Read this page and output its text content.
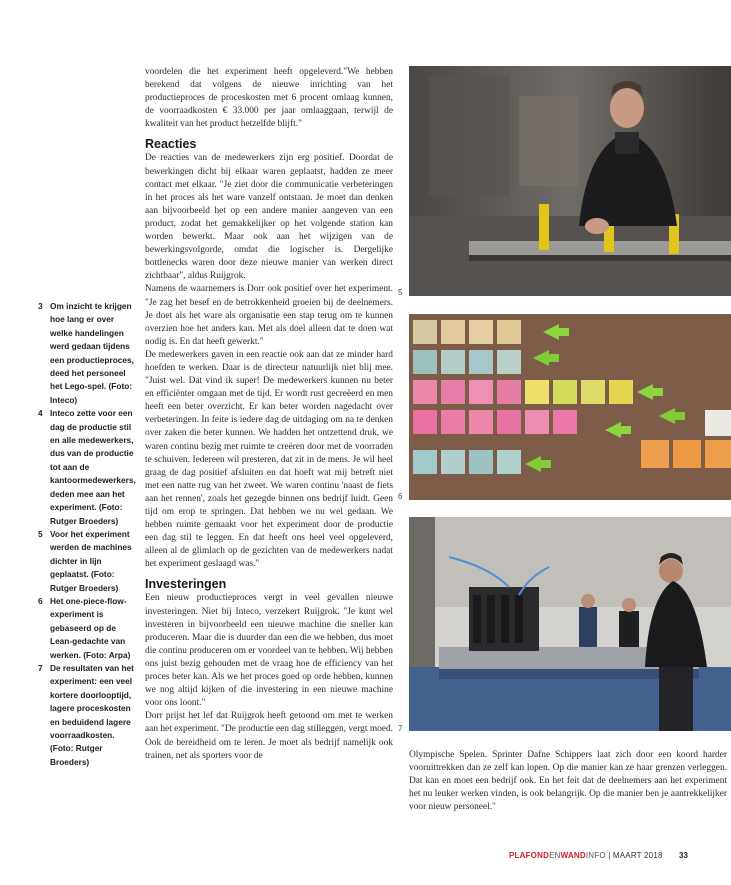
3 Om inzicht te krijgen hoe lang er over welke handelingen werd gedaan tijdens een productieproces, deed het personeel het Lego-spel. (Foto: Inteco)

4 Inteco zette voor een dag de productie stil en alle medewerkers, dus van de productie tot aan de kantoormedewerkers, deden mee aan het experiment. (Foto: Rutger Broeders)

5 Voor het experiment werden de machines dichter in lijn geplaatst. (Foto: Rutger Broeders)

6 Het one-piece-flow-experiment is gebaseerd op de Lean-gedachte van werken. (Foto: Arpa)

7 De resultaten van het experiment: een veel kortere doorlooptijd, lagere proceskosten en beduidend lagere voorraadkosten. (Foto: Rutger Broeders)

voordelen die het experiment heeft opgeleverd."We hebben berekend dat volgens de nieuwe inrichting van het productieproces de proceskosten met 6 procent omlaag kunnen, de voorraadkosten € 33.000 per jaar omlaaggaan, terwijl de kwaliteit van het product hetzelfde blijft."

Reacties

De reacties van de medewerkers zijn erg positief. Doordat de bewerkingen dicht bij elkaar waren geplaatst, hadden ze meer contact met elkaar. "Je ziet door die communicatie verbeteringen in het proces als het ware vanzelf ontstaan. Je moet dan denken aan bijvoorbeeld het op een andere manier aangeven van een product, zodat het gemakkelijker op het volgende station kan worden bewerkt. Maar ook aan het wijzigen van de bewerkingsvolgorde, omdat die logischer is. Dergelijke bottlenecks waren door deze nieuwe manier van werken direct zichtbaar", aldus Ruijgrok.

Namens de waarnemers is Dorr ook positief over het experiment. "Je zag het besef en de betrokkenheid groeien bij de deelnemers. Je doet als het ware als organisatie een stap terug om te kunnen overzien hoe het anders kan. Met als doel alleen dat te doen wat nodig is. En dat heeft gewerkt."

De medewerkers gaven in een reactie ook aan dat ze minder hard hoefden te werken. Daar is de directeur natuurlijk niet blij mee. "Juist wel. Dat vind ik super! De medewerkers kunnen nu beter en efficiënter omgaan met de tijd. Er wordt rust gecreëerd en men heeft een beter overzicht. Er kan beter worden nagedacht over verbeteringen. In feite is iedere dag de uitdaging om na te denken over zaken die beter kunnen. We hadden het ontzettend druk, we waren continu bezig met ruimte te creëren door met de voorraden te schuiven. Iedereen wil presteren, dat zit in de mens. Je wil heel graag de dag positief afsluiten en dat hoeft wat mij betreft niet met een natte rug van het zweet. We waren continu 'naast de fiets aan het rennen', zoals het gezegde binnen ons bedrijf luidt. Geen tijd om erop te springen. Dat hebben we nu wel gedaan. We hebben ruimte gemaakt voor het experiment door de productie een dag stil te leggen. En dat heeft ons heel veel opgeleverd, alleen al de glimlach op de gezichten van de medewerkers nadat het experiment geslaagd was."

Investeringen

Een nieuw productieproces vergt in veel gevallen nieuwe investeringen. Niet bij Inteco, verzekert Ruijgrok. "Je kunt wel investeren in bijvoorbeeld een nieuwe machine die sneller kan produceren. Maar die is duurder dan een die we hebben, dus moet die continu produceren om er voordeel van te hebben. Wij hebben ons juist bezig gehouden met de vraag hoe de efficiency van het proces beter kan. Als we het proces goed op orde hebben, kunnen we nog altijd kijken of die investering in een nieuwe machine voor ons loont."

Dorr prijst het lef dat Ruijgrok heeft getoond om met te werken aan het experiment. "De productie een dag stilleggen, vergt moed. Ook de bereidheid om te leren. Je moet als bedrijf namelijk ook trainen, net als sporters voor de

5
6
7

Olympische Spelen. Sprinter Dafne Schippers laat zich door een koord harder vooruittrekken dan ze zelf kan lopen. Op die manier kan ze haar grenzen verleggen. Dat kan en moet een bedrijf ook. En het feit dat de deelnemers aan het experiment het nu leuker werken vinden, is ook belangrijk. Op die manier ben je aantrekkelijker voor nieuw personeel."

PLAFONDENWANDINFO | MAART 2018 33
